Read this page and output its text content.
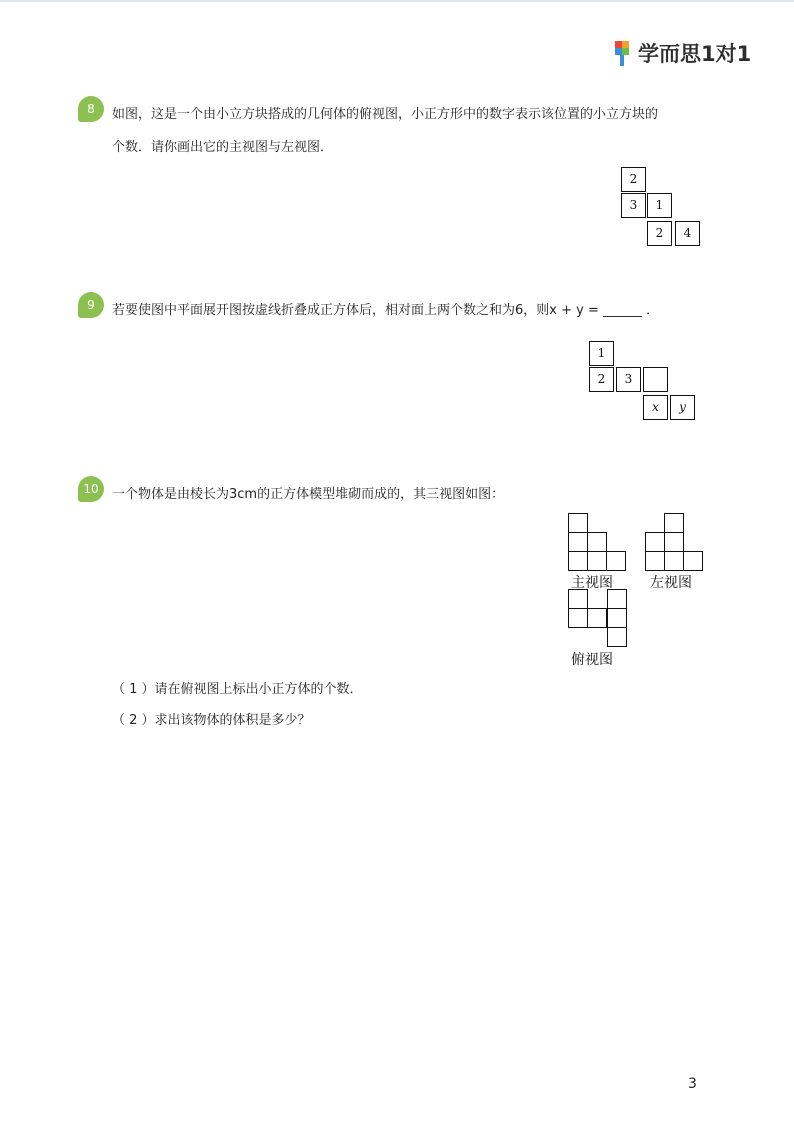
学而思1对1
8	如图，这是一个由小立方块搭成的几何体的俯视图，小正方形中的数字表示该位置的小立方块的
个数．请你画出它的主视图与左视图．
2
3	1
2	4
9	若要使图中平面展开图按虚线折叠成正方体后，相对面上两个数之和为6，则x + y = ______ ．
1
2	3
x	y
10	一个物体是由棱长为3cm的正方体模型堆砌而成的，其三视图如图：
主视图	左视图
俯视图
（ 1 ）请在俯视图上标出小正方体的个数．
（ 2 ）求出该物体的体积是多少？
3
